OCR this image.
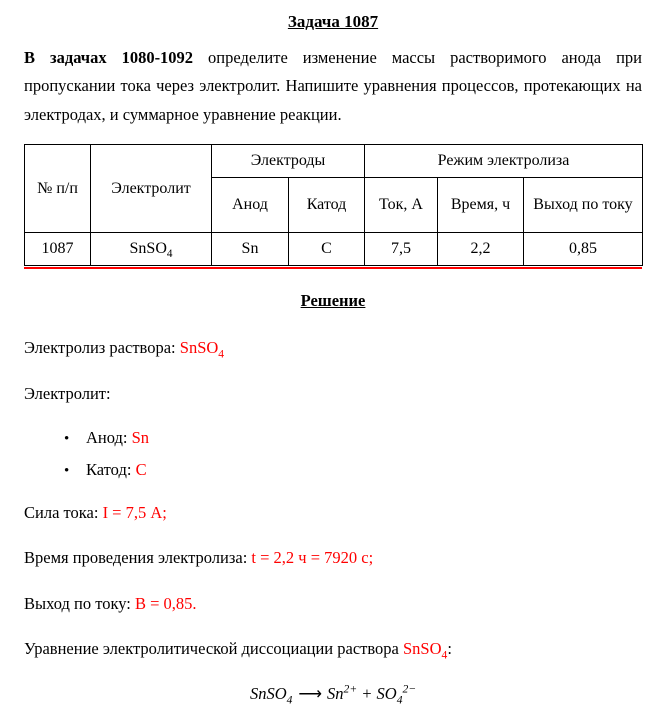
Задача 1087

В задачах 1080-1092 определите изменение массы растворимого анода при пропускании тока через электролит. Напишите уравнения процессов, протекающих на электродах, и суммарное уравнение реакции.

№ п/п	Электролит	Электроды		Режим электролиза		
		Анод	Катод	Ток, А	Время, ч	Выход по току
1087	SnSO$_4$	Sn	C	7,5	2,2	0,85
Решение

Электролиз раствора: SnSO$_4$

Электролит:

• Анод: Sn
• Катод: C

Сила тока: I = 7,5 А;

Время проведения электролиза: t = 2,2 ч = 7920 с;

Выход по току: B = 0,85.

Уравнение электролитической диссоциации раствора SnSO$_4$:

SnSO$_4$ ⟶ $Sn^{2+} + SO_4^{2-}$
